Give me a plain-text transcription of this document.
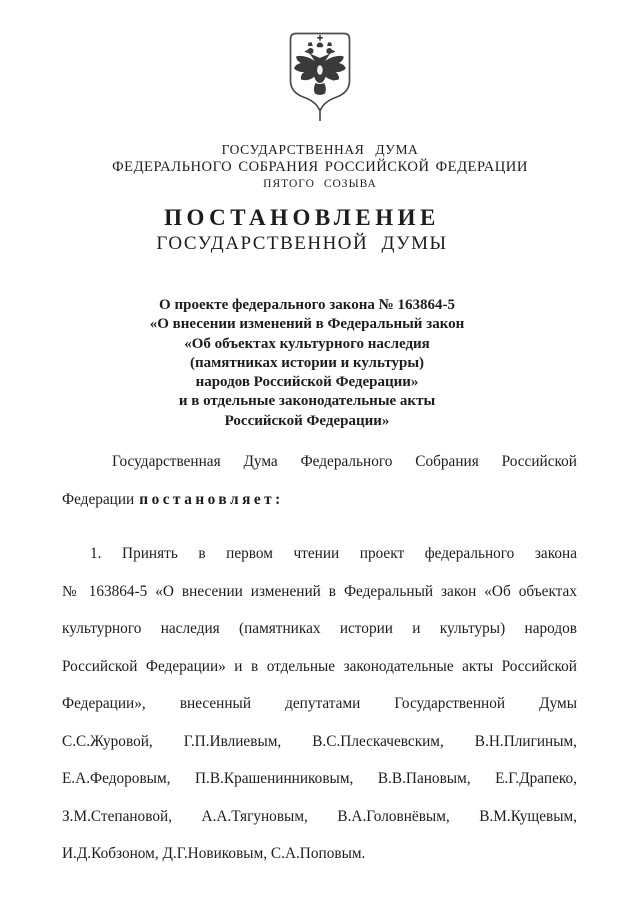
ГОСУДАРСТВЕННАЯ ДУМА
ФЕДЕРАЛЬНОГО СОБРАНИЯ РОССИЙСКОЙ ФЕДЕРАЦИИ
ПЯТОГО СОЗЫВА
ПОСТАНОВЛЕНИЕ
ГОСУДАРСТВЕННОЙ ДУМЫ
О проекте федерального закона № 163864-5
«О внесении изменений в Федеральный закон
«Об объектах культурного наследия
(памятниках истории и культуры)
народов Российской Федерации»
и в отдельные законодательные акты
Российской Федерации»
Государственная Дума Федерального Собрания Российской
Федерации постановляет:
1. Принять в первом чтении проект федерального закона
№ 163864-5 «О внесении изменений в Федеральный закон «Об объектах
культурного наследия (памятниках истории и культуры) народов
Российской Федерации» и в отдельные законодательные акты Российской
Федерации», внесенный депутатами Государственной Думы
С.С.Журовой, Г.П.Ивлиевым, В.С.Плескачевским, В.Н.Плигиным,
Е.А.Федоровым, П.В.Крашенинниковым, В.В.Пановым, Е.Г.Драпеко,
З.М.Степановой, А.А.Тягуновым, В.А.Головнёвым, В.М.Кущевым,
И.Д.Кобзоном, Д.Г.Новиковым, С.А.Поповым.
